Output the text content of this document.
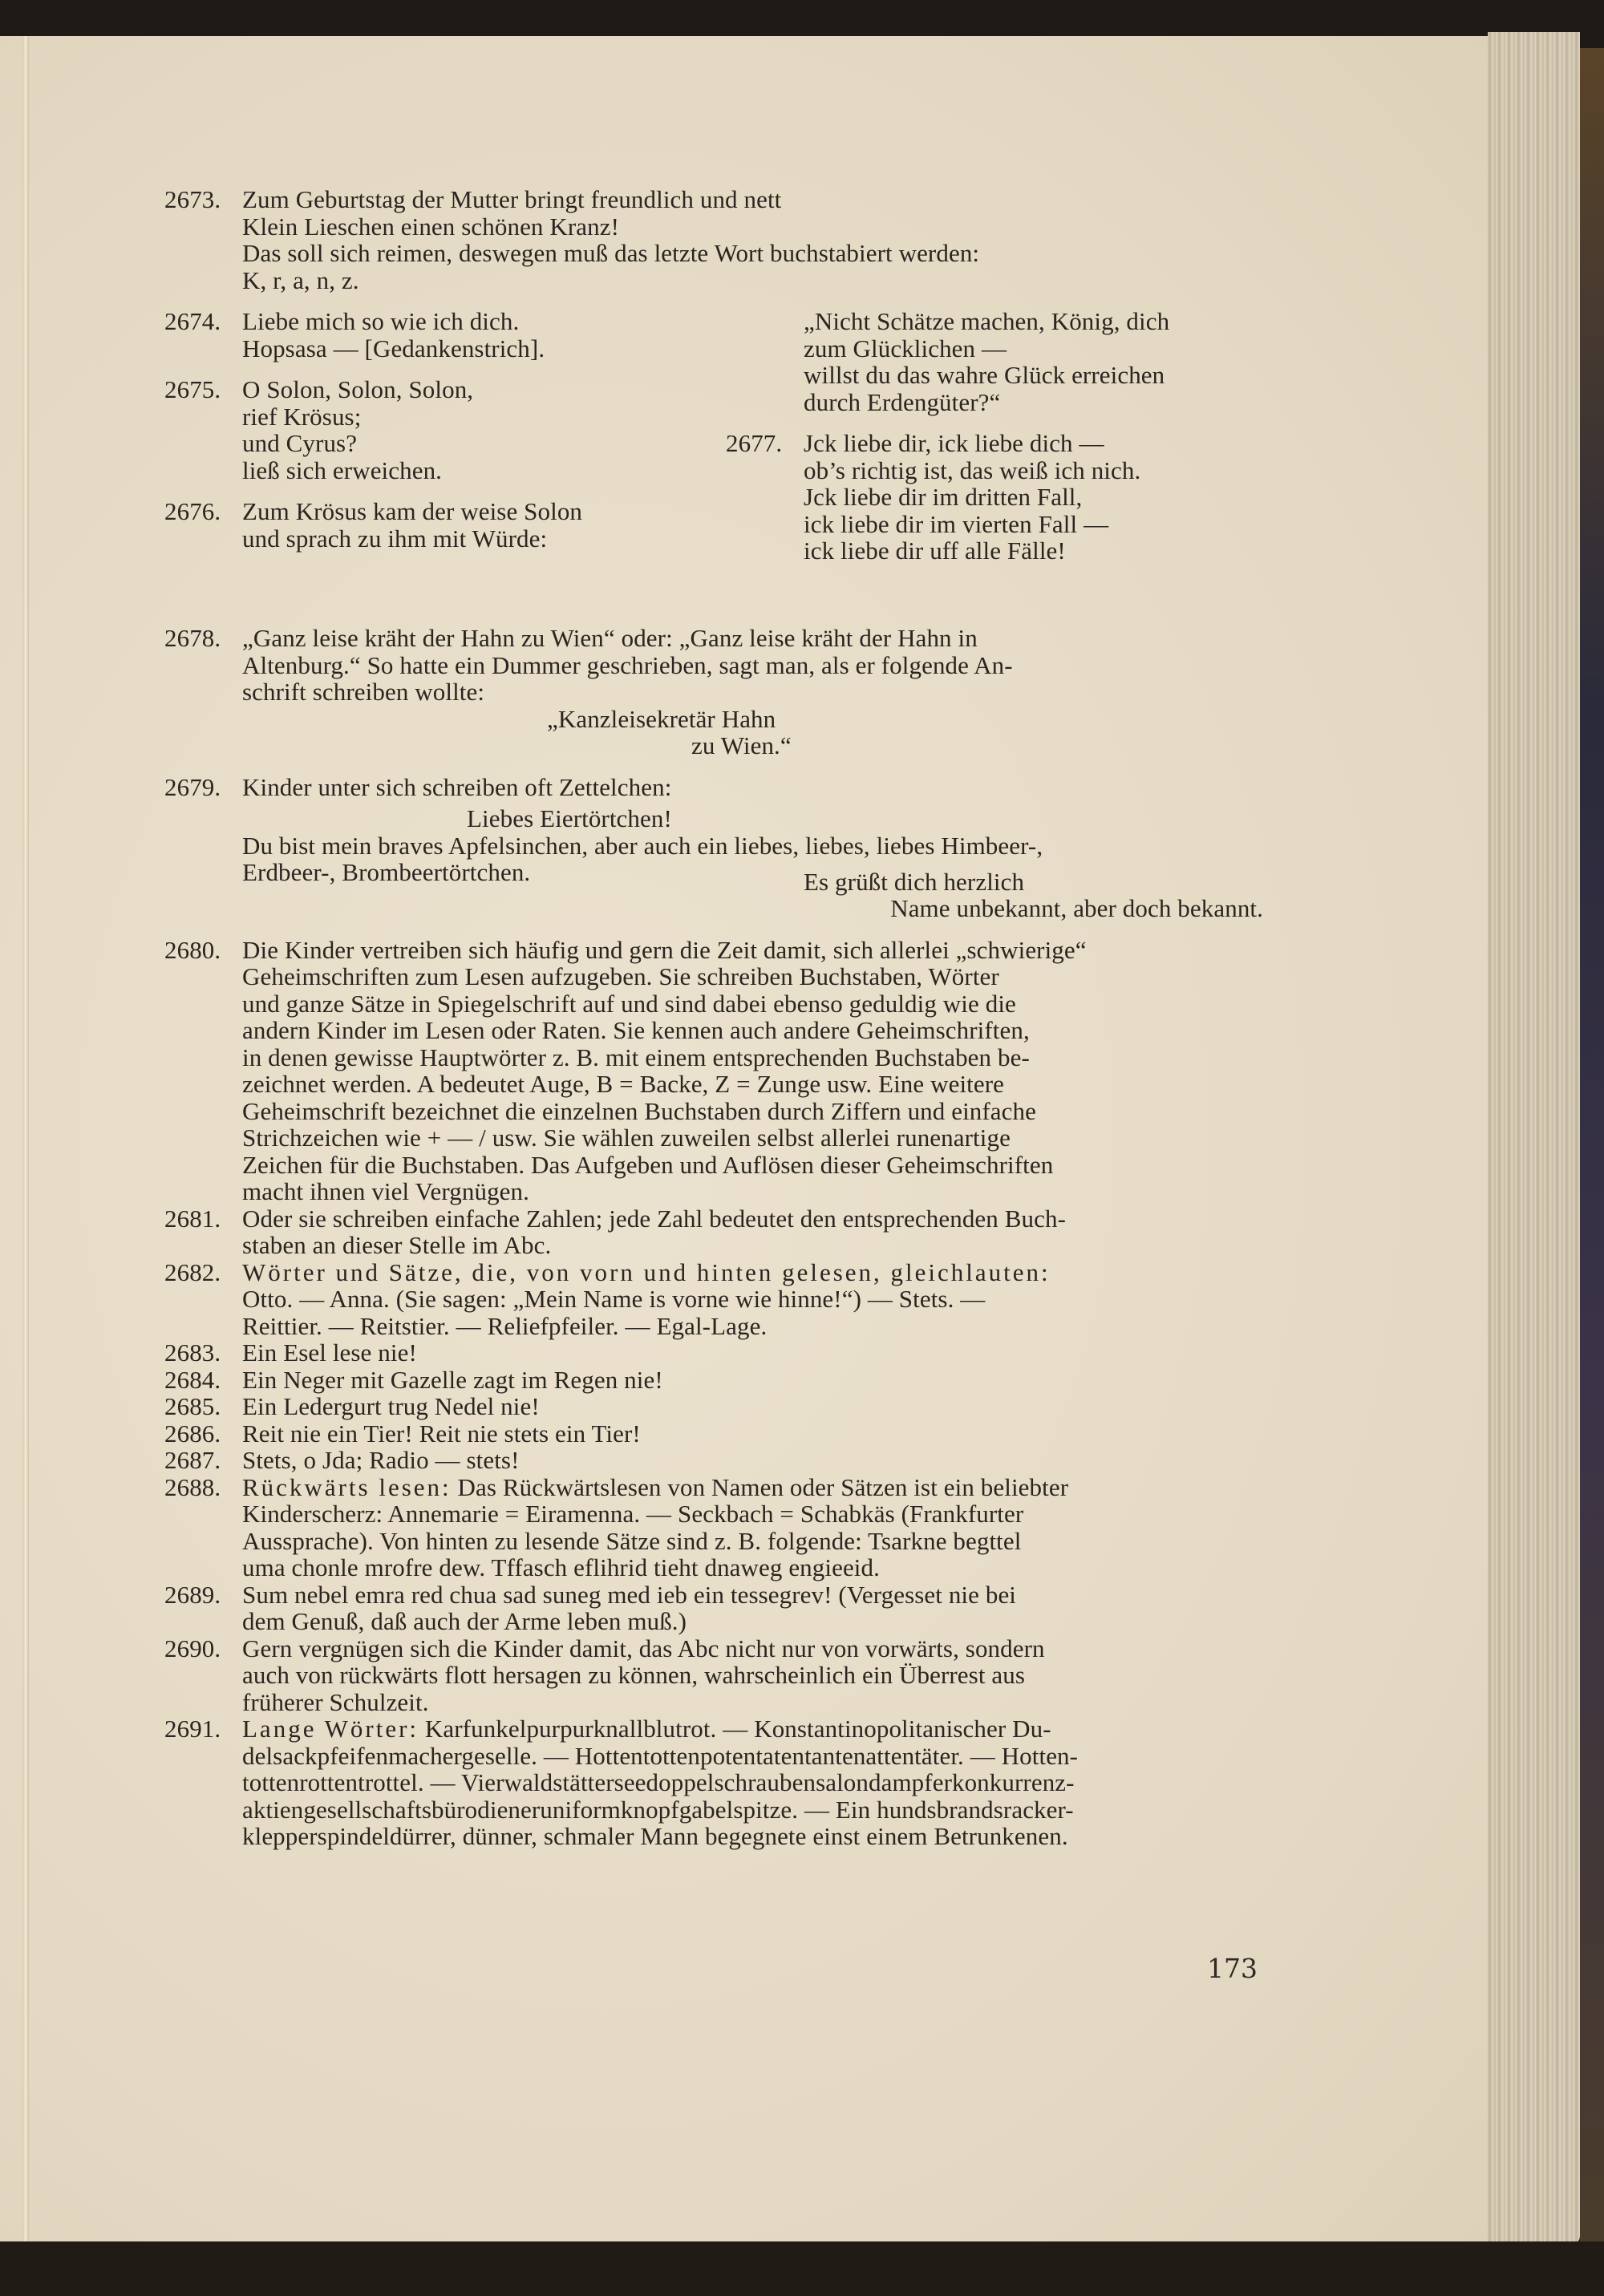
2673. Zum Geburtstag der Mutter bringt freundlich und nett
Klein Lieschen einen schönen Kranz!
Das soll sich reimen, deswegen muß das letzte Wort buchstabiert werden:
K, r, a, n, z.
2674. Liebe mich so wie ich dich.
Hopsasa — [Gedankenstrich].
2675. O Solon, Solon, Solon,
rief Krösus;
und Cyrus?
ließ sich erweichen.
2676. Zum Krösus kam der weise Solon
und sprach zu ihm mit Würde:
„Nicht Schätze machen, König, dich
zum Glücklichen —
willst du das wahre Glück erreichen
durch Erdengüter?“
2677. Jck liebe dir, ick liebe dich —
ob’s richtig ist, das weiß ich nich.
Jck liebe dir im dritten Fall,
ick liebe dir im vierten Fall —
ick liebe dir uff alle Fälle!
2678. „Ganz leise kräht der Hahn zu Wien“ oder: „Ganz leise kräht der Hahn in
Altenburg.“ So hatte ein Dummer geschrieben, sagt man, als er folgende An-
schrift schreiben wollte:
„Kanzleisekretär Hahn
zu Wien.“
2679. Kinder unter sich schreiben oft Zettelchen:
Liebes Eiertörtchen!
Du bist mein braves Apfelsinchen, aber auch ein liebes, liebes, liebes Himbeer-,
Erdbeer-, Brombeertörtchen.	Es grüßt dich herzlich
Name unbekannt, aber doch bekannt.
2680. Die Kinder vertreiben sich häufig und gern die Zeit damit, sich allerlei „schwierige“
Geheimschriften zum Lesen aufzugeben. Sie schreiben Buchstaben, Wörter
und ganze Sätze in Spiegelschrift auf und sind dabei ebenso geduldig wie die
andern Kinder im Lesen oder Raten. Sie kennen auch andere Geheimschriften,
in denen gewisse Hauptwörter z. B. mit einem entsprechenden Buchstaben be-
zeichnet werden. A bedeutet Auge, B = Backe, Z = Zunge usw. Eine weitere
Geheimschrift bezeichnet die einzelnen Buchstaben durch Ziffern und einfache
Strichzeichen wie + — / usw. Sie wählen zuweilen selbst allerlei runenartige
Zeichen für die Buchstaben. Das Aufgeben und Auflösen dieser Geheimschriften
macht ihnen viel Vergnügen.
2681. Oder sie schreiben einfache Zahlen; jede Zahl bedeutet den entsprechenden Buch-
staben an dieser Stelle im Abc.
2682. Wörter und Sätze, die, von vorn und hinten gelesen, gleichlauten:
Otto. — Anna. (Sie sagen: „Mein Name is vorne wie hinne!“) — Stets. —
Reittier. — Reitstier. — Reliefpfeiler. — Egal-Lage.
2683. Ein Esel lese nie!
2684. Ein Neger mit Gazelle zagt im Regen nie!
2685. Ein Ledergurt trug Nedel nie!
2686. Reit nie ein Tier! Reit nie stets ein Tier!
2687. Stets, o Jda; Radio — stets!
2688. Rückwärts lesen: Das Rückwärtslesen von Namen oder Sätzen ist ein beliebter
Kinderscherz: Annemarie = Eiramenna. — Seckbach = Schabkäs (Frankfurter
Aussprache). Von hinten zu lesende Sätze sind z. B. folgende: Tsarkne begttel
uma chonle mrofre dew. Tffasch eflihrid tieht dnaweg engieeid.
2689. Sum nebel emra red chua sad suneg med ieb ein tessegrev! (Vergesset nie bei
dem Genuß, daß auch der Arme leben muß.)
2690. Gern vergnügen sich die Kinder damit, das Abc nicht nur von vorwärts, sondern
auch von rückwärts flott hersagen zu können, wahrscheinlich ein Überrest aus
früherer Schulzeit.
2691. Lange Wörter: Karfunkelpurpurknallblutrot. — Konstantinopolitanischer Du-
delsackpfeifenmachergeselle. — Hottentottenpotentatentantenattentäter. — Hotten-
tottenrottentrottel. — Vierwaldstätterseedoppelschraubensalondampferkonkurrenz-
aktiengesellschaftsbürodieneruniformknopfgabelspitze. — Ein hundsbrandsracker-
klepperspindeldürrer, dünner, schmaler Mann begegnete einst einem Betrunkenen.
173
